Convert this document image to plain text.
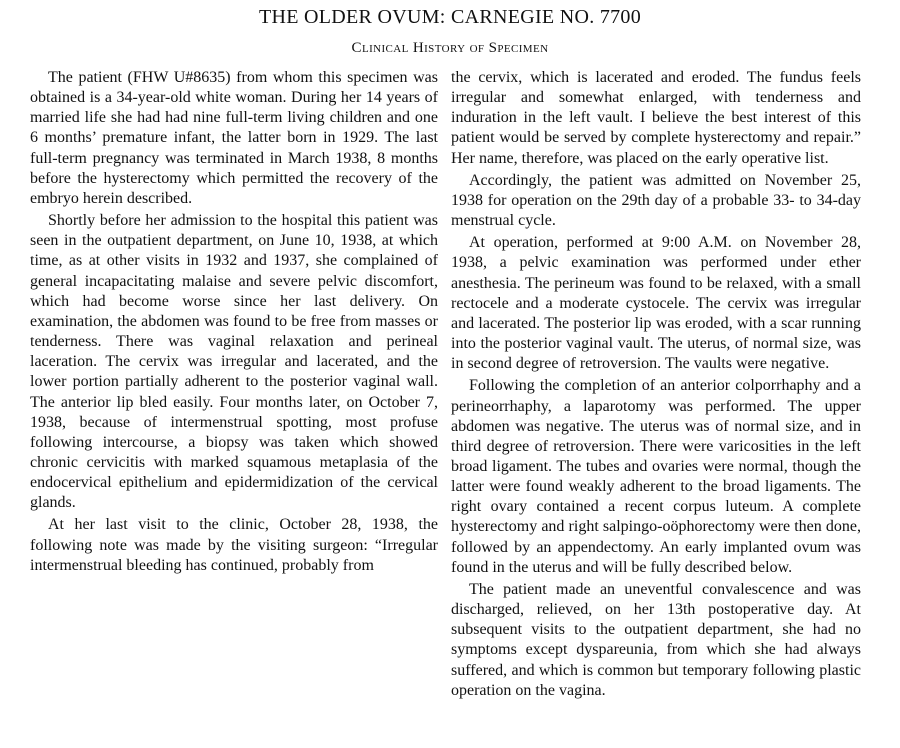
THE OLDER OVUM: CARNEGIE NO. 7700
Clinical History of Specimen

The patient (FHW U#8635) from whom this specimen was obtained is a 34-year-old white woman. During her 14 years of married life she had had nine full-term living children and one 6 months’ premature infant, the latter born in 1929. The last full-term pregnancy was terminated in March 1938, 8 months before the hysterectomy which permitted the recovery of the embryo herein described.

Shortly before her admission to the hospital this patient was seen in the outpatient department, on June 10, 1938, at which time, as at other visits in 1932 and 1937, she complained of general incapacitating malaise and severe pelvic discomfort, which had become worse since her last delivery. On examination, the abdomen was found to be free from masses or tenderness. There was vaginal relaxation and perineal laceration. The cervix was irregular and lacerated, and the lower portion partially adherent to the posterior vaginal wall. The anterior lip bled easily. Four months later, on October 7, 1938, because of intermenstrual spotting, most profuse following intercourse, a biopsy was taken which showed chronic cervicitis with marked squamous metaplasia of the endocervical epithelium and epidermidization of the cervical glands.

At her last visit to the clinic, October 28, 1938, the following note was made by the visiting surgeon: “Irregular intermenstrual bleeding has continued, probably from

the cervix, which is lacerated and eroded. The fundus feels irregular and somewhat enlarged, with tenderness and induration in the left vault. I believe the best interest of this patient would be served by complete hysterectomy and repair.” Her name, therefore, was placed on the early operative list.

Accordingly, the patient was admitted on November 25, 1938 for operation on the 29th day of a probable 33- to 34-day menstrual cycle.

At operation, performed at 9:00 A.M. on November 28, 1938, a pelvic examination was performed under ether anesthesia. The perineum was found to be relaxed, with a small rectocele and a moderate cystocele. The cervix was irregular and lacerated. The posterior lip was eroded, with a scar running into the posterior vaginal vault. The uterus, of normal size, was in second degree of retroversion. The vaults were negative.

Following the completion of an anterior colporrhaphy and a perineorrhaphy, a laparotomy was performed. The upper abdomen was negative. The uterus was of normal size, and in third degree of retroversion. There were varicosities in the left broad ligament. The tubes and ovaries were normal, though the latter were found weakly adherent to the broad ligaments. The right ovary contained a recent corpus luteum. A complete hysterectomy and right salpingo-oöphorectomy were then done, followed by an appendectomy. An early implanted ovum was found in the uterus and will be fully described below.

The patient made an uneventful convalescence and was discharged, relieved, on her 13th postoperative day. At subsequent visits to the outpatient department, she had no symptoms except dyspareunia, from which she had always suffered, and which is common but temporary following plastic operation on the vagina.
